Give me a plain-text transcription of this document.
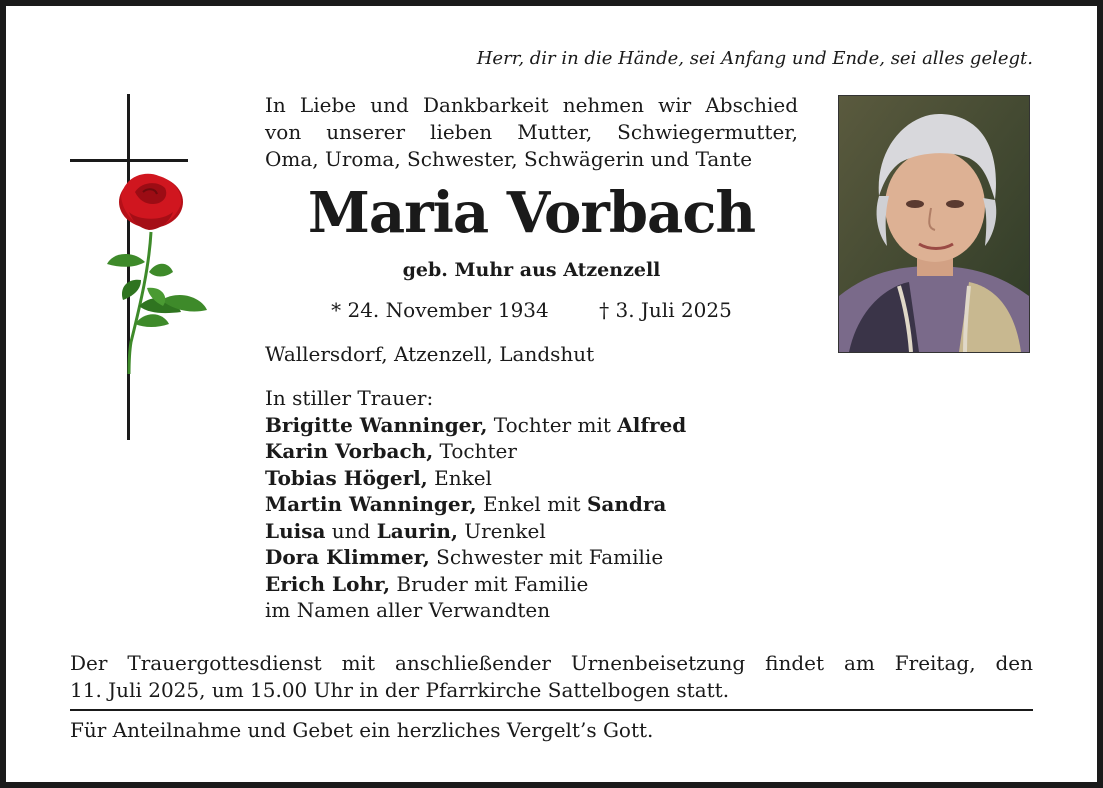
Herr, dir in die Hände, sei Anfang und Ende, sei alles gelegt.
In Liebe und Dankbarkeit nehmen wir Abschied
von unserer lieben Mutter, Schwiegermutter,
Oma, Uroma, Schwester, Schwägerin und Tante
Maria Vorbach
geb. Muhr aus Atzenzell
* 24. November 1934	† 3. Juli 2025
Wallersdorf, Atzenzell, Landshut
In stiller Trauer:
Brigitte Wanninger, Tochter mit Alfred
Karin Vorbach, Tochter
Tobias Högerl, Enkel
Martin Wanninger, Enkel mit Sandra
Luisa und Laurin, Urenkel
Dora Klimmer, Schwester mit Familie
Erich Lohr, Bruder mit Familie
im Namen aller Verwandten
Der Trauergottesdienst mit anschließender Urnenbeisetzung findet am Freitag, den
11. Juli 2025, um 15.00 Uhr in der Pfarrkirche Sattelbogen statt.
Für Anteilnahme und Gebet ein herzliches Vergelt’s Gott.
